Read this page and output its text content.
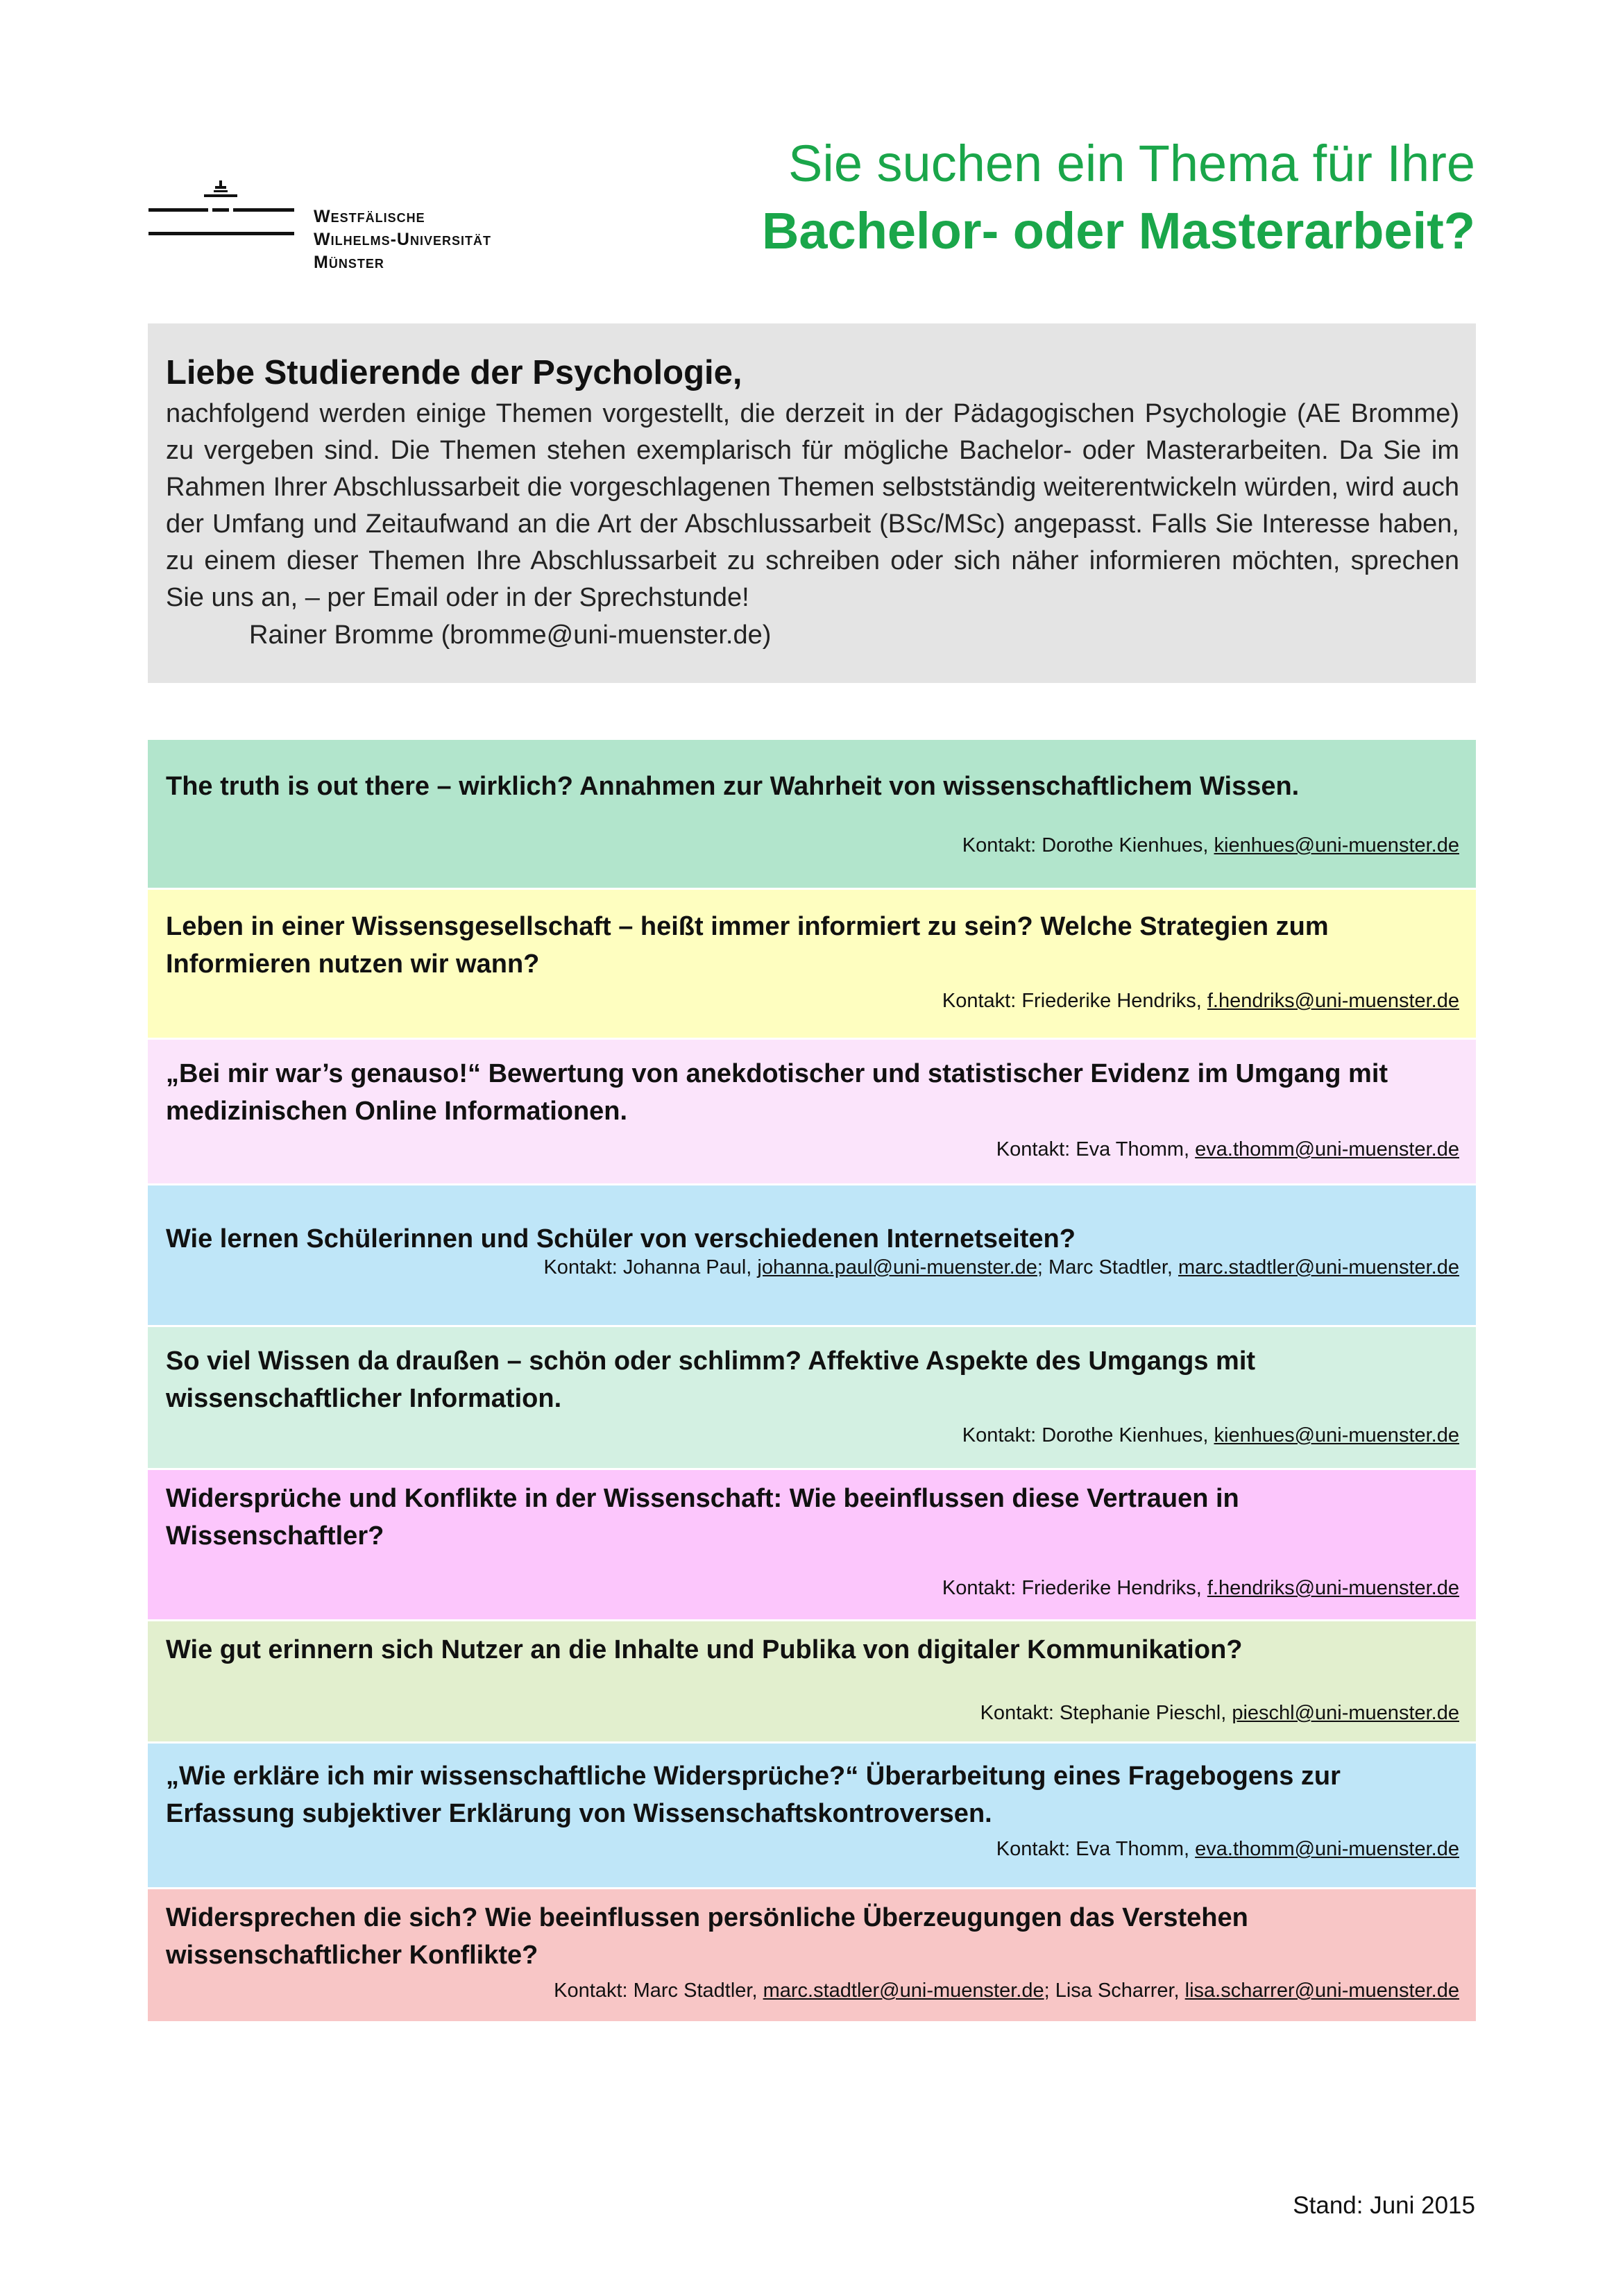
Westfälische
Wilhelms-Universität
Münster
Sie suchen ein Thema für Ihre
Bachelor- oder Masterarbeit?
Liebe Studierende der Psychologie,
nachfolgend werden einige Themen vorgestellt, die derzeit in der Pädagogischen Psychologie (AE Bromme) zu vergeben sind. Die Themen stehen exemplarisch für mögliche Bachelor- oder Masterarbeiten. Da Sie im Rahmen Ihrer Abschlussarbeit die vorgeschlagenen Themen selbstständig weiterentwickeln würden, wird auch der Umfang und Zeitaufwand an die Art der Abschlussarbeit (BSc/MSc) angepasst. Falls Sie Interesse haben, zu einem dieser Themen Ihre Abschlussarbeit zu schreiben oder sich näher informieren möchten, sprechen Sie uns an, – per Email oder in der Sprechstunde!
Rainer Bromme (bromme@uni-muenster.de)
The truth is out there – wirklich? Annahmen zur Wahrheit von wissenschaftlichem Wissen.
Kontakt: Dorothe Kienhues, kienhues@uni-muenster.de
Leben in einer Wissensgesellschaft – heißt immer informiert zu sein? Welche Strategien zum Informieren nutzen wir wann?
Kontakt: Friederike Hendriks, f.hendriks@uni-muenster.de
„Bei mir war’s genauso!“ Bewertung von anekdotischer und statistischer Evidenz im Umgang mit medizinischen Online Informationen.
Kontakt: Eva Thomm, eva.thomm@uni-muenster.de
Wie lernen Schülerinnen und Schüler von verschiedenen Internetseiten?
Kontakt: Johanna Paul, johanna.paul@uni-muenster.de; Marc Stadtler, marc.stadtler@uni-muenster.de
So viel Wissen da draußen – schön oder schlimm? Affektive Aspekte des Umgangs mit wissenschaftlicher Information.
Kontakt: Dorothe Kienhues, kienhues@uni-muenster.de
Widersprüche und Konflikte in der Wissenschaft: Wie beeinflussen diese Vertrauen in Wissenschaftler?
Kontakt: Friederike Hendriks, f.hendriks@uni-muenster.de
Wie gut erinnern sich Nutzer an die Inhalte und Publika von digitaler Kommunikation?
Kontakt: Stephanie Pieschl, pieschl@uni-muenster.de
„Wie erkläre ich mir wissenschaftliche Widersprüche?“ Überarbeitung eines Fragebogens zur Erfassung subjektiver Erklärung von Wissenschaftskontroversen.
Kontakt: Eva Thomm, eva.thomm@uni-muenster.de
Widersprechen die sich? Wie beeinflussen persönliche Überzeugungen das Verstehen wissenschaftlicher Konflikte?
Kontakt: Marc Stadtler, marc.stadtler@uni-muenster.de; Lisa Scharrer, lisa.scharrer@uni-muenster.de
Stand: Juni 2015
